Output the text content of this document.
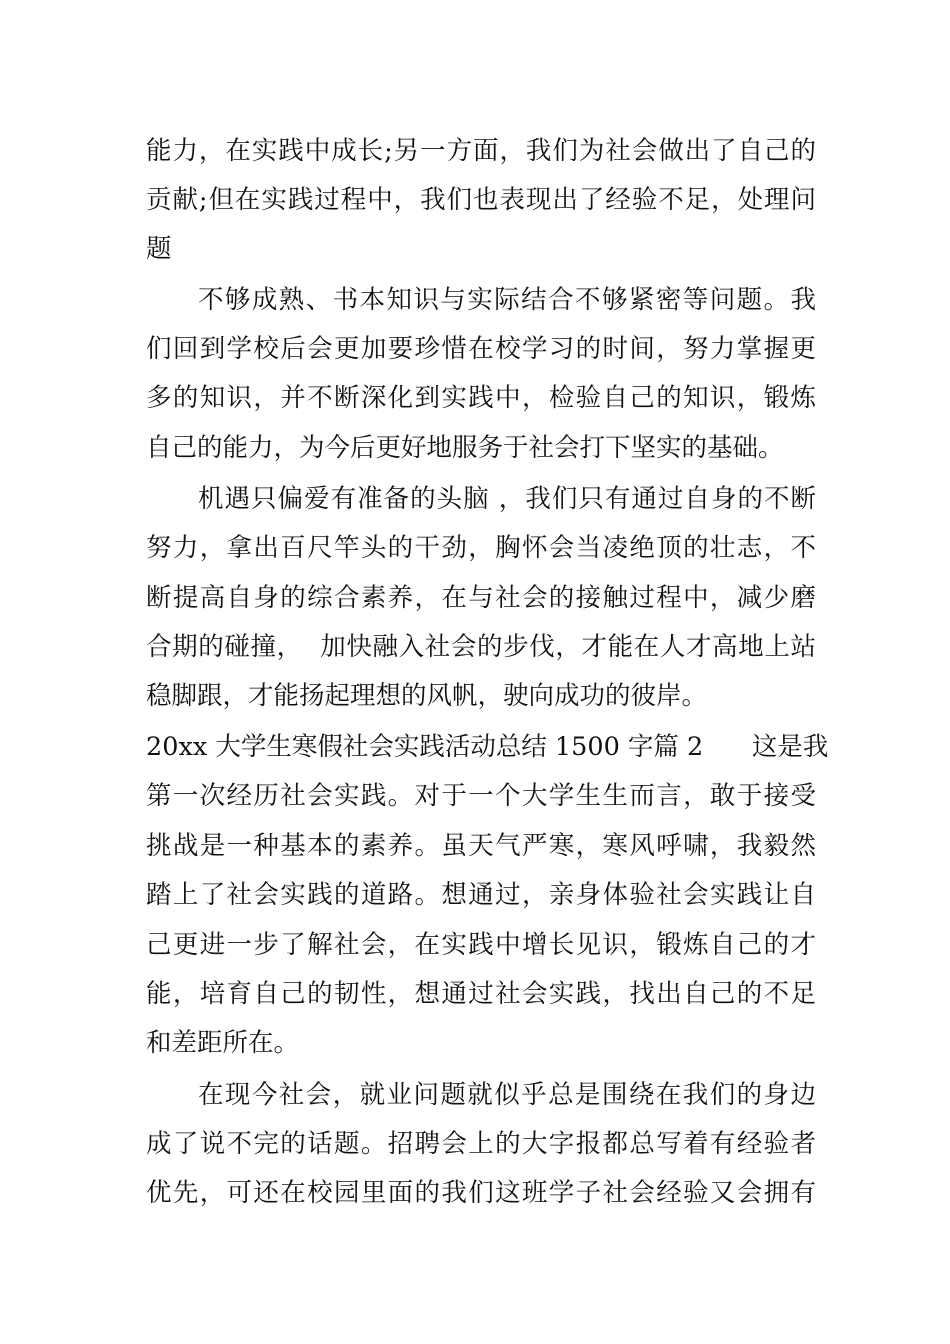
能力，在实践中成长;另一方面，我们为社会做出了自己的

贡献;但在实践过程中，我们也表现出了经验不足，处理问

题

不够成熟、书本知识与实际结合不够紧密等问题。我

们回到学校后会更加要珍惜在校学习的时间，努力掌握更

多的知识，并不断深化到实践中，检验自己的知识，锻炼

自己的能力，为今后更好地服务于社会打下坚实的基础。

机遇只偏爱有准备的头脑 ，我们只有通过自身的不断

努力，拿出百尺竿头的干劲，胸怀会当凌绝顶的壮志，不

断提高自身的综合素养，在与社会的接触过程中，减少磨

合期的碰撞，  加快融入社会的步伐，才能在人才高地上站

稳脚跟，才能扬起理想的风帆，驶向成功的彼岸。

20xx 大学生寒假社会实践活动总结 1500 字篇 2      这是我

第一次经历社会实践。对于一个大学生生而言，敢于接受

挑战是一种基本的素养。虽天气严寒，寒风呼啸，我毅然

踏上了社会实践的道路。想通过，亲身体验社会实践让自

己更进一步了解社会，在实践中增长见识，锻炼自己的才

能，培育自己的韧性，想通过社会实践，找出自己的不足

和差距所在。

在现今社会，就业问题就似乎总是围绕在我们的身边

成了说不完的话题。招聘会上的大字报都总写着有经验者

优先，可还在校园里面的我们这班学子社会经验又会拥有
